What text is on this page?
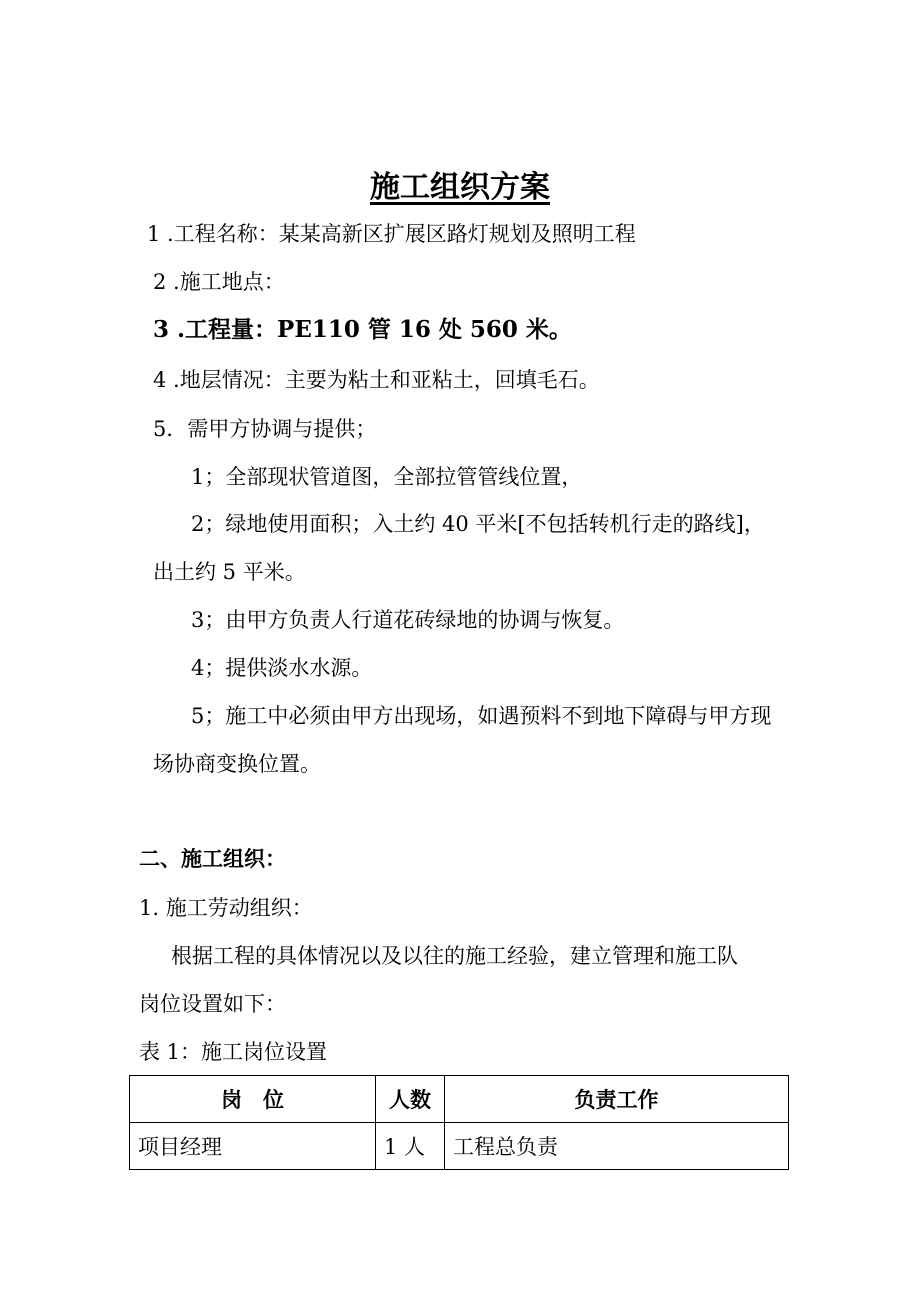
施工组织方案
1 .工程名称：某某高新区扩展区路灯规划及照明工程
2 .施工地点：
3 .工程量：PE110 管 16 处 560 米。
4 .地层情况：主要为粘土和亚粘土，回填毛石。
5．需甲方协调与提供；
1；全部现状管道图，全部拉管管线位置，
2；绿地使用面积；入土约 40 平米[不包括转机行走的路线]，
出土约 5 平米。
3；由甲方负责人行道花砖绿地的协调与恢复。
4；提供淡水水源。
5；施工中必须由甲方出现场，如遇预料不到地下障碍与甲方现
场协商变换位置。
二、施工组织：
1. 施工劳动组织：
根据工程的具体情况以及以往的施工经验，建立管理和施工队
岗位设置如下：
表 1：施工岗位设置
岗　位	人数	负责工作
项目经理	1 人	工程总负责
